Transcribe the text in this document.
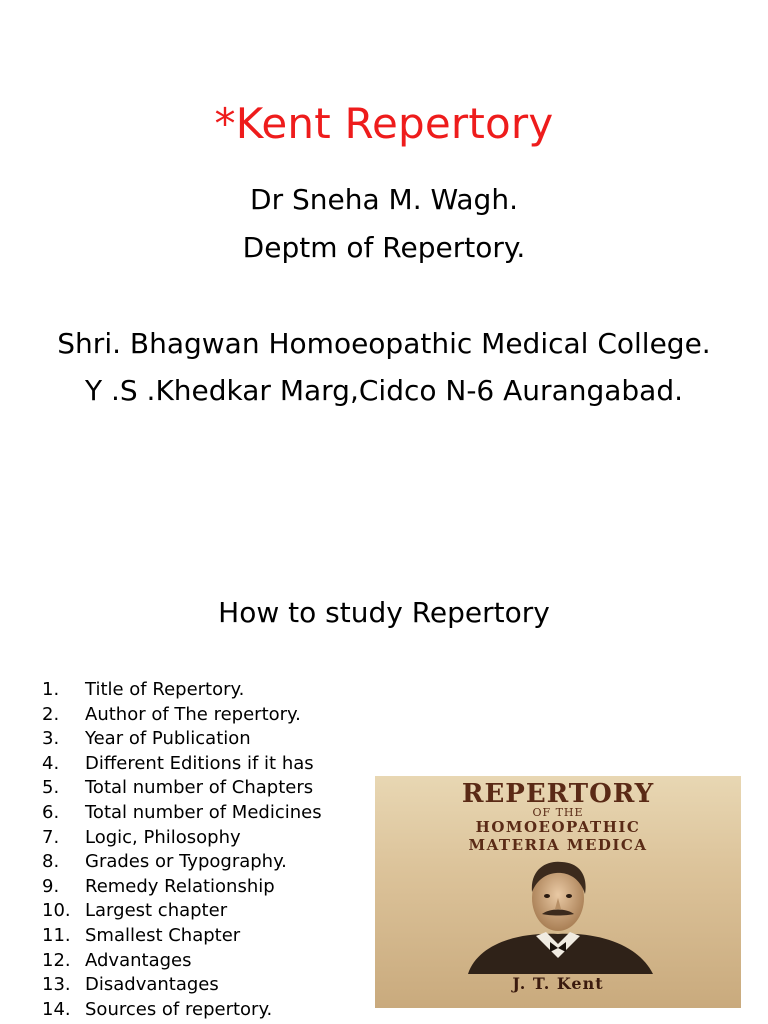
*Kent Repertory
Dr Sneha M. Wagh.
Deptm of Repertory.
Shri. Bhagwan Homoeopathic Medical College.
Y .S .Khedkar Marg,Cidco N-6 Aurangabad.
How to study Repertory
1.	Title of Repertory.
2.	Author of The repertory.
3.	Year of Publication
4.	Different Editions if it has
5.	Total number of Chapters
6.	Total number of Medicines
7.	Logic, Philosophy
8.	Grades or Typography.
9.	Remedy Relationship
10. Largest chapter
11. Smallest Chapter
12. Advantages
13. Disadvantages
14. Sources of repertory.
REPERTORY
OF THE
HOMOEOPATHIC
MATERIA MEDICA
J. T. Kent
